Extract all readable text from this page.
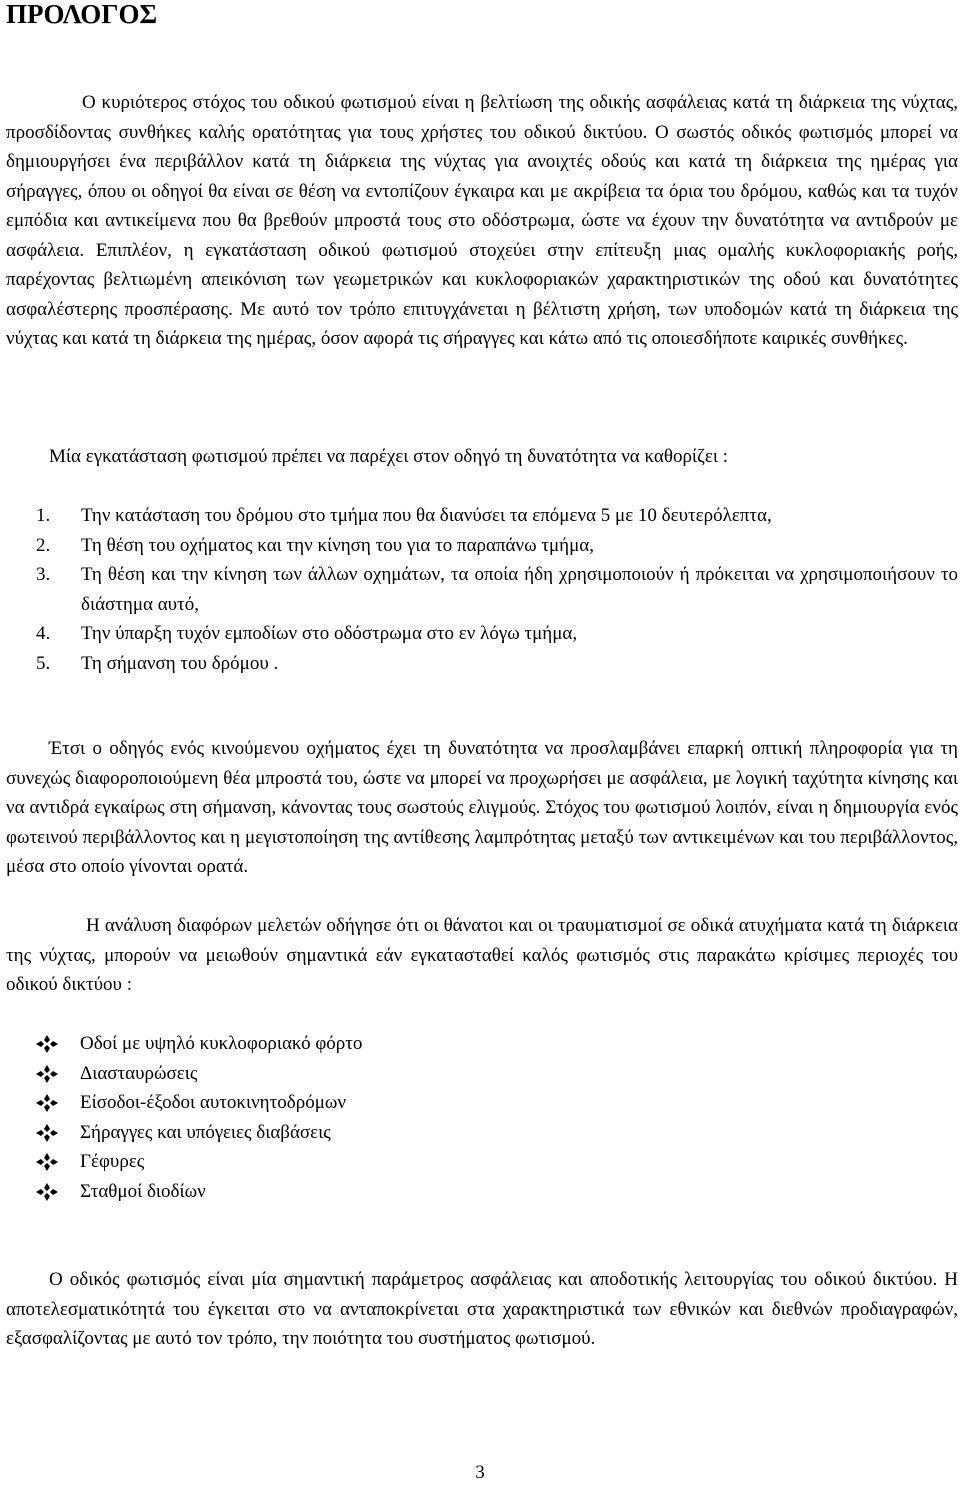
ΠΡΟΛΟΓΟΣ

Ο κυριότερος στόχος του οδικού φωτισμού είναι η βελτίωση της οδικής ασφάλειας κατά τη διάρκεια της νύχτας, προσδίδοντας συνθήκες καλής ορατότητας για τους χρήστες του οδικού δικτύου. Ο σωστός οδικός φωτισμός μπορεί να δημιουργήσει ένα περιβάλλον κατά τη διάρκεια της νύχτας για ανοιχτές οδούς και κατά τη διάρκεια της ημέρας για σήραγγες, όπου οι οδηγοί θα είναι σε θέση να εντοπίζουν έγκαιρα και με ακρίβεια τα όρια του δρόμου, καθώς και τα τυχόν εμπόδια και αντικείμενα που θα βρεθούν μπροστά τους στο οδόστρωμα, ώστε να έχουν την δυνατότητα να αντιδρούν με ασφάλεια. Επιπλέον, η εγκατάσταση οδικού φωτισμού στοχεύει στην επίτευξη μιας ομαλής κυκλοφοριακής ροής, παρέχοντας βελτιωμένη απεικόνιση των γεωμετρικών και κυκλοφοριακών χαρακτηριστικών της οδού και δυνατότητες ασφαλέστερης προσπέρασης. Με αυτό τον τρόπο επιτυγχάνεται η βέλτιστη χρήση, των υποδομών κατά τη διάρκεια της νύχτας και κατά τη διάρκεια της ημέρας, όσον αφορά τις σήραγγες και κάτω από τις οποιεσδήποτε καιρικές συνθήκες.

Μία εγκατάσταση φωτισμού πρέπει να παρέχει στον οδηγό τη δυνατότητα να καθορίζει :

1. Την κατάσταση του δρόμου στο τμήμα που θα διανύσει τα επόμενα 5 με 10 δευτερόλεπτα,
2. Τη θέση του οχήματος και την κίνηση του για το παραπάνω τμήμα,
3. Τη θέση και την κίνηση των άλλων οχημάτων, τα οποία ήδη χρησιμοποιούν ή πρόκειται να χρησιμοποιήσουν το διάστημα αυτό,
4. Την ύπαρξη τυχόν εμποδίων στο οδόστρωμα στο εν λόγω τμήμα,
5. Τη σήμανση του δρόμου .

Έτσι ο οδηγός ενός κινούμενου οχήματος έχει τη δυνατότητα να προσλαμβάνει επαρκή οπτική πληροφορία για τη συνεχώς διαφοροποιούμενη θέα μπροστά του, ώστε να μπορεί να προχωρήσει με ασφάλεια, με λογική ταχύτητα κίνησης και να αντιδρά εγκαίρως στη σήμανση, κάνοντας τους σωστούς ελιγμούς. Στόχος του φωτισμού λοιπόν, είναι η δημιουργία ενός φωτεινού περιβάλλοντος και η μεγιστοποίηση της αντίθεσης λαμπρότητας μεταξύ των αντικειμένων και του περιβάλλοντος, μέσα στο οποίο γίνονται ορατά.

Η ανάλυση διαφόρων μελετών οδήγησε ότι οι θάνατοι και οι τραυματισμοί σε οδικά ατυχήματα κατά τη διάρκεια της νύχτας, μπορούν να μειωθούν σημαντικά εάν εγκατασταθεί καλός φωτισμός στις παρακάτω κρίσιμες περιοχές του οδικού δικτύου :

Οδοί με υψηλό κυκλοφοριακό φόρτο
Διασταυρώσεις
Είσοδοι-έξοδοι αυτοκινητοδρόμων
Σήραγγες και υπόγειες διαβάσεις
Γέφυρες
Σταθμοί διοδίων

Ο οδικός φωτισμός είναι μία σημαντική παράμετρος ασφάλειας και αποδοτικής λειτουργίας του οδικού δικτύου. Η αποτελεσματικότητά του έγκειται στο να ανταποκρίνεται στα χαρακτηριστικά των εθνικών και διεθνών προδιαγραφών, εξασφαλίζοντας με αυτό τον τρόπο, την ποιότητα του συστήματος φωτισμού.

3
